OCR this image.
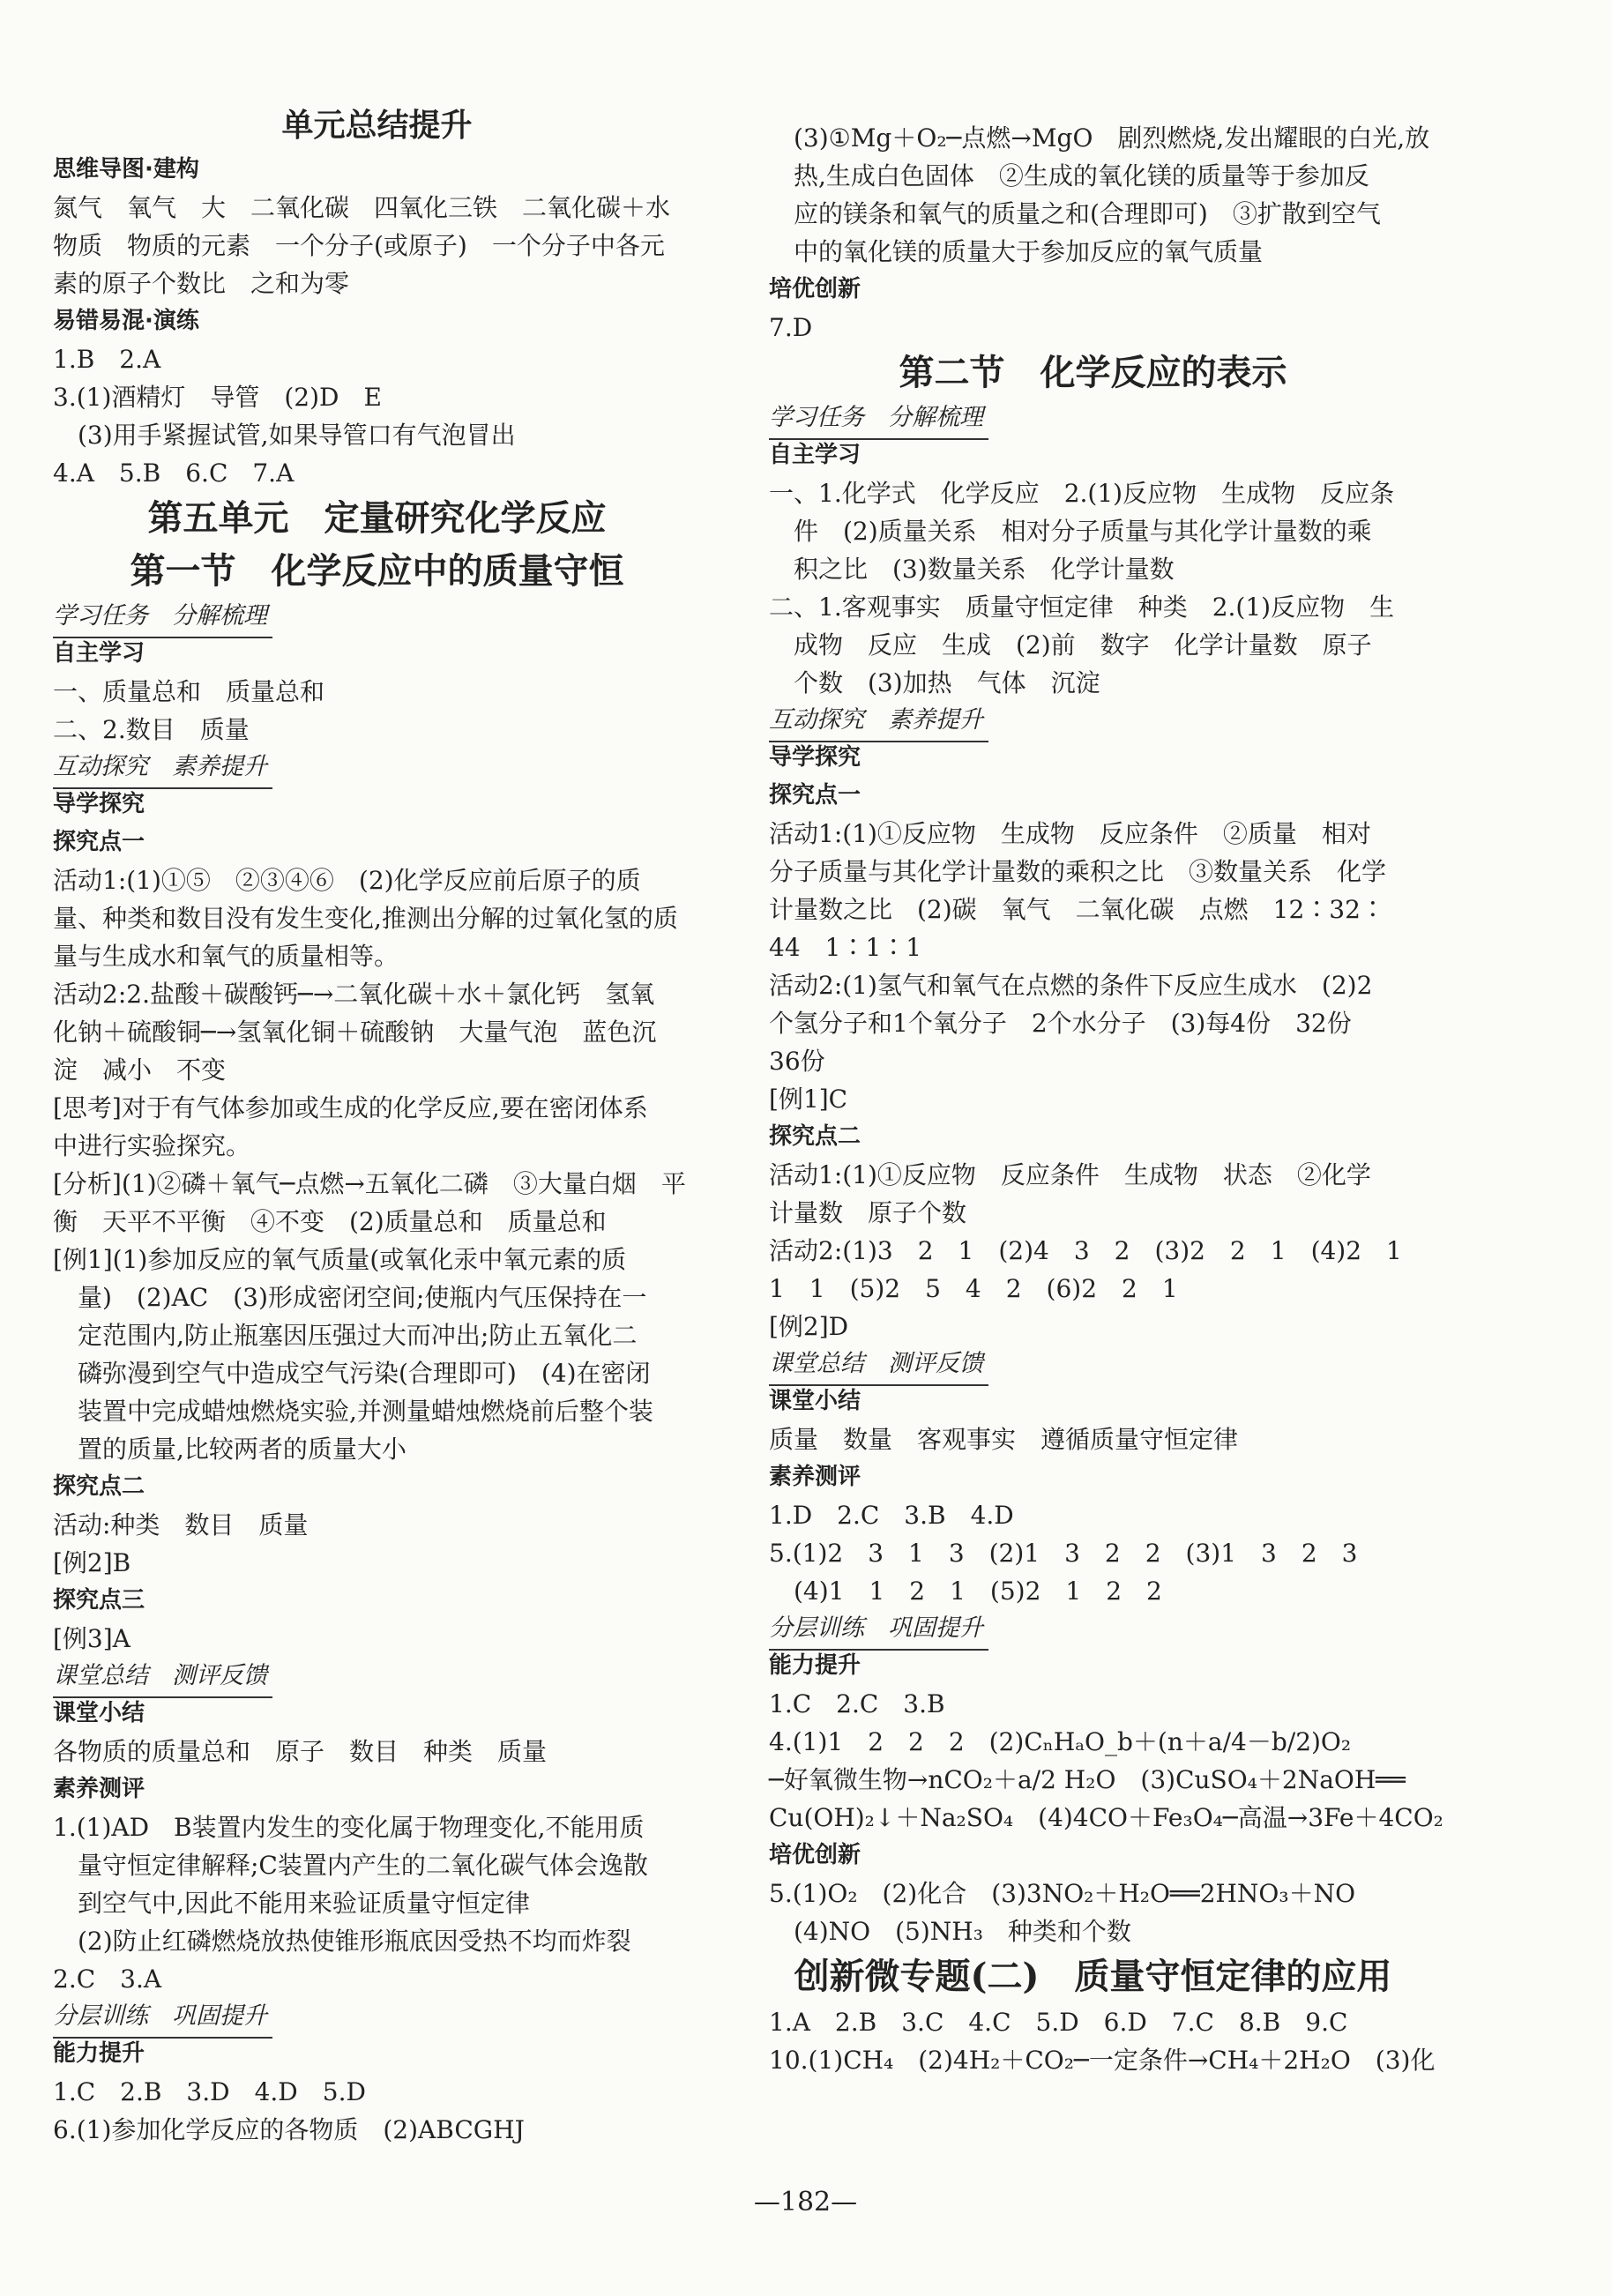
单元总结提升
思维导图·建构
氮气　氧气　大　二氧化碳　四氧化三铁　二氧化碳＋水
物质　物质的元素　一个分子(或原子)　一个分子中各元
素的原子个数比　之和为零
易错易混·演练
1.B　2.A
3.(1)酒精灯　导管　(2)D　E
(3)用手紧握试管,如果导管口有气泡冒出
4.A　5.B　6.C　7.A
第五单元　定量研究化学反应
第一节　化学反应中的质量守恒
学习任务　分解梳理
自主学习
一、质量总和　质量总和
二、2.数目　质量
互动探究　素养提升
导学探究
探究点一
活动1:(1)①⑤　②③④⑥　(2)化学反应前后原子的质
量、种类和数目没有发生变化,推测出分解的过氧化氢的质
量与生成水和氧气的质量相等。
活动2:2.盐酸＋碳酸钙─→二氧化碳＋水＋氯化钙　氢氧
化钠＋硫酸铜─→氢氧化铜＋硫酸钠　大量气泡　蓝色沉
淀　减小　不变
[思考]对于有气体参加或生成的化学反应,要在密闭体系
中进行实验探究。
[分析](1)②磷＋氧气─点燃→五氧化二磷　③大量白烟　平
衡　天平不平衡　④不变　(2)质量总和　质量总和
[例1](1)参加反应的氧气质量(或氧化汞中氧元素的质
量)　(2)AC　(3)形成密闭空间;使瓶内气压保持在一
定范围内,防止瓶塞因压强过大而冲出;防止五氧化二
磷弥漫到空气中造成空气污染(合理即可)　(4)在密闭
装置中完成蜡烛燃烧实验,并测量蜡烛燃烧前后整个装
置的质量,比较两者的质量大小
探究点二
活动:种类　数目　质量
[例2]B
探究点三
[例3]A
课堂总结　测评反馈
课堂小结
各物质的质量总和　原子　数目　种类　质量
素养测评
1.(1)AD　B装置内发生的变化属于物理变化,不能用质
量守恒定律解释;C装置内产生的二氧化碳气体会逸散
到空气中,因此不能用来验证质量守恒定律
(2)防止红磷燃烧放热使锥形瓶底因受热不均而炸裂
2.C　3.A
分层训练　巩固提升
能力提升
1.C　2.B　3.D　4.D　5.D
6.(1)参加化学反应的各物质　(2)ABCGHJ
(3)①Mg＋O₂─点燃→MgO　剧烈燃烧,发出耀眼的白光,放
热,生成白色固体　②生成的氧化镁的质量等于参加反
应的镁条和氧气的质量之和(合理即可)　③扩散到空气
中的氧化镁的质量大于参加反应的氧气质量
培优创新
7.D
第二节　化学反应的表示
学习任务　分解梳理
自主学习
一、1.化学式　化学反应　2.(1)反应物　生成物　反应条
件　(2)质量关系　相对分子质量与其化学计量数的乘
积之比　(3)数量关系　化学计量数
二、1.客观事实　质量守恒定律　种类　2.(1)反应物　生
成物　反应　生成　(2)前　数字　化学计量数　原子
个数　(3)加热　气体　沉淀
互动探究　素养提升
导学探究
探究点一
活动1:(1)①反应物　生成物　反应条件　②质量　相对
分子质量与其化学计量数的乘积之比　③数量关系　化学
计量数之比　(2)碳　氧气　二氧化碳　点燃　12∶32∶
44　1∶1∶1
活动2:(1)氢气和氧气在点燃的条件下反应生成水　(2)2
个氢分子和1个氧分子　2个水分子　(3)每4份　32份
36份
[例1]C
探究点二
活动1:(1)①反应物　反应条件　生成物　状态　②化学
计量数　原子个数
活动2:(1)3　2　1　(2)4　3　2　(3)2　2　1　(4)2　1
1　1　(5)2　5　4　2　(6)2　2　1
[例2]D
课堂总结　测评反馈
课堂小结
质量　数量　客观事实　遵循质量守恒定律
素养测评
1.D　2.C　3.B　4.D
5.(1)2　3　1　3　(2)1　3　2　2　(3)1　3　2　3
(4)1　1　2　1　(5)2　1　2　2
分层训练　巩固提升
能力提升
1.C　2.C　3.B
4.(1)1　2　2　2　(2)CₙHₐO_b＋(n＋a/4－b/2)O₂
─好氧微生物→nCO₂＋a/2 H₂O　(3)CuSO₄＋2NaOH══
Cu(OH)₂↓＋Na₂SO₄　(4)4CO＋Fe₃O₄─高温→3Fe＋4CO₂
培优创新
5.(1)O₂　(2)化合　(3)3NO₂＋H₂O══2HNO₃＋NO
(4)NO　(5)NH₃　种类和个数
创新微专题(二)　质量守恒定律的应用
1.A　2.B　3.C　4.C　5.D　6.D　7.C　8.B　9.C
10.(1)CH₄　(2)4H₂＋CO₂─一定条件→CH₄＋2H₂O　(3)化
—182—
